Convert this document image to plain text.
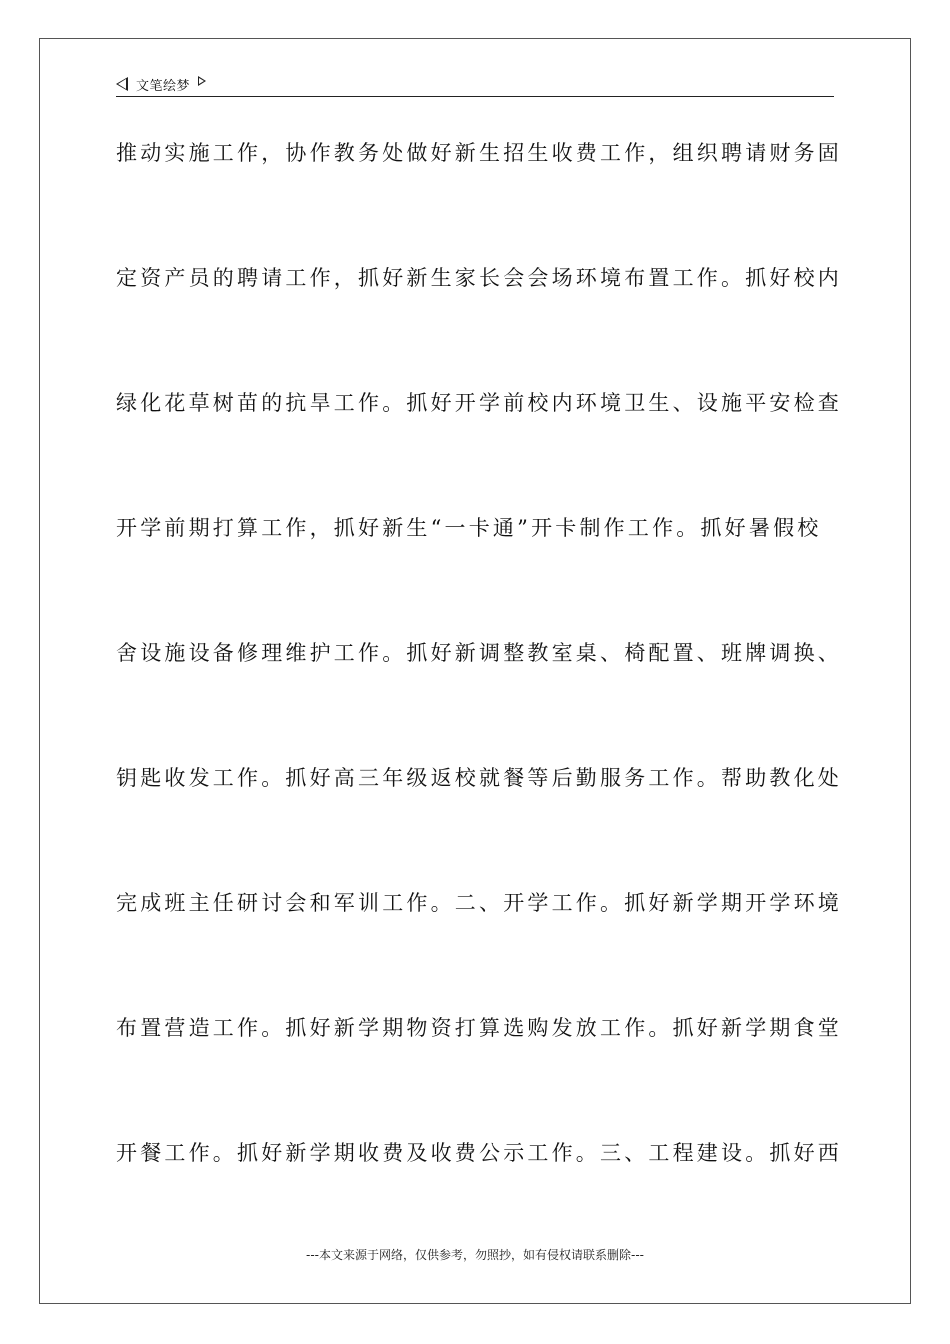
文笔绘梦
推动实施工作，协作教务处做好新生招生收费工作，组织聘请财务固
定资产员的聘请工作，抓好新生家长会会场环境布置工作。抓好校内
绿化花草树苗的抗旱工作。抓好开学前校内环境卫生、设施平安检查
开学前期打算工作，抓好新生“一卡通”开卡制作工作。抓好暑假校
舍设施设备修理维护工作。抓好新调整教室桌、椅配置、班牌调换、
钥匙收发工作。抓好高三年级返校就餐等后勤服务工作。帮助教化处
完成班主任研讨会和军训工作。二、开学工作。抓好新学期开学环境
布置营造工作。抓好新学期物资打算选购发放工作。抓好新学期食堂
开餐工作。抓好新学期收费及收费公示工作。三、工程建设。抓好西
---本文来源于网络，仅供参考，勿照抄，如有侵权请联系删除---
